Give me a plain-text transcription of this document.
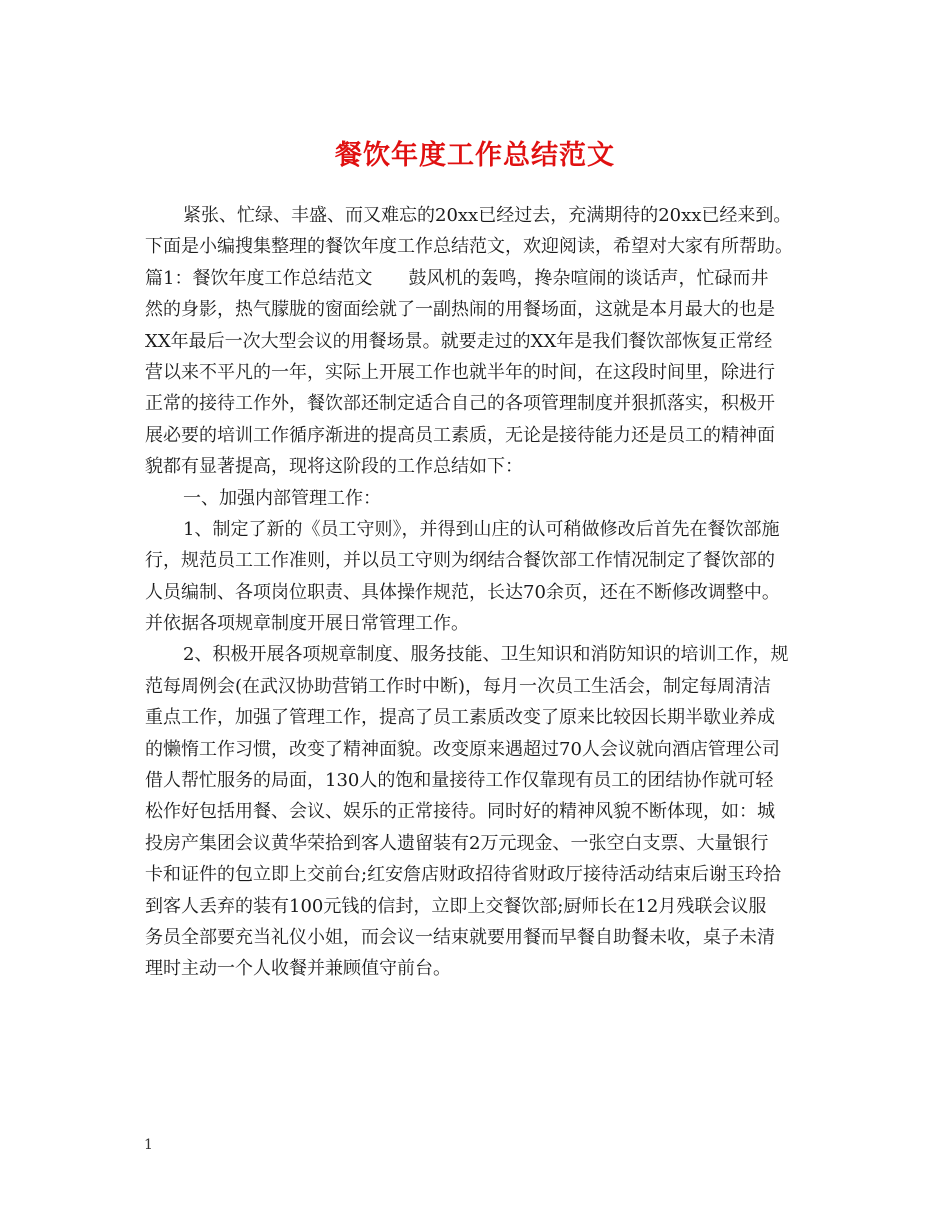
餐饮年度工作总结范文
紧张、忙绿、丰盛、而又难忘的20xx已经过去，充满期待的20xx已经来到。
下面是小编搜集整理的餐饮年度工作总结范文，欢迎阅读，希望对大家有所帮助。
篇1：餐饮年度工作总结范文 鼓风机的轰鸣，搀杂喧闹的谈话声，忙碌而井
然的身影，热气朦胧的窗面绘就了一副热闹的用餐场面，这就是本月最大的也是
XX年最后一次大型会议的用餐场景。就要走过的XX年是我们餐饮部恢复正常经
营以来不平凡的一年，实际上开展工作也就半年的时间，在这段时间里，除进行
正常的接待工作外，餐饮部还制定适合自己的各项管理制度并狠抓落实，积极开
展必要的培训工作循序渐进的提高员工素质，无论是接待能力还是员工的精神面
貌都有显著提高，现将这阶段的工作总结如下：
一、加强内部管理工作：
1、制定了新的《员工守则》，并得到山庄的认可稍做修改后首先在餐饮部施
行，规范员工工作准则，并以员工守则为纲结合餐饮部工作情况制定了餐饮部的
人员编制、各项岗位职责、具体操作规范，长达70余页，还在不断修改调整中。
并依据各项规章制度开展日常管理工作。
2、积极开展各项规章制度、服务技能、卫生知识和消防知识的培训工作，规
范每周例会(在武汉协助营销工作时中断)，每月一次员工生活会，制定每周清洁
重点工作，加强了管理工作，提高了员工素质改变了原来比较因长期半歇业养成
的懒惰工作习惯，改变了精神面貌。改变原来遇超过70人会议就向酒店管理公司
借人帮忙服务的局面，130人的饱和量接待工作仅靠现有员工的团结协作就可轻
松作好包括用餐、会议、娱乐的正常接待。同时好的精神风貌不断体现，如：城
投房产集团会议黄华荣拾到客人遗留装有2万元现金、一张空白支票、大量银行
卡和证件的包立即上交前台;红安詹店财政招待省财政厅接待活动结束后谢玉玲拾
到客人丢弃的装有100元钱的信封，立即上交餐饮部;厨师长在12月残联会议服
务员全部要充当礼仪小姐，而会议一结束就要用餐而早餐自助餐未收，桌子未清
理时主动一个人收餐并兼顾值守前台。
1
